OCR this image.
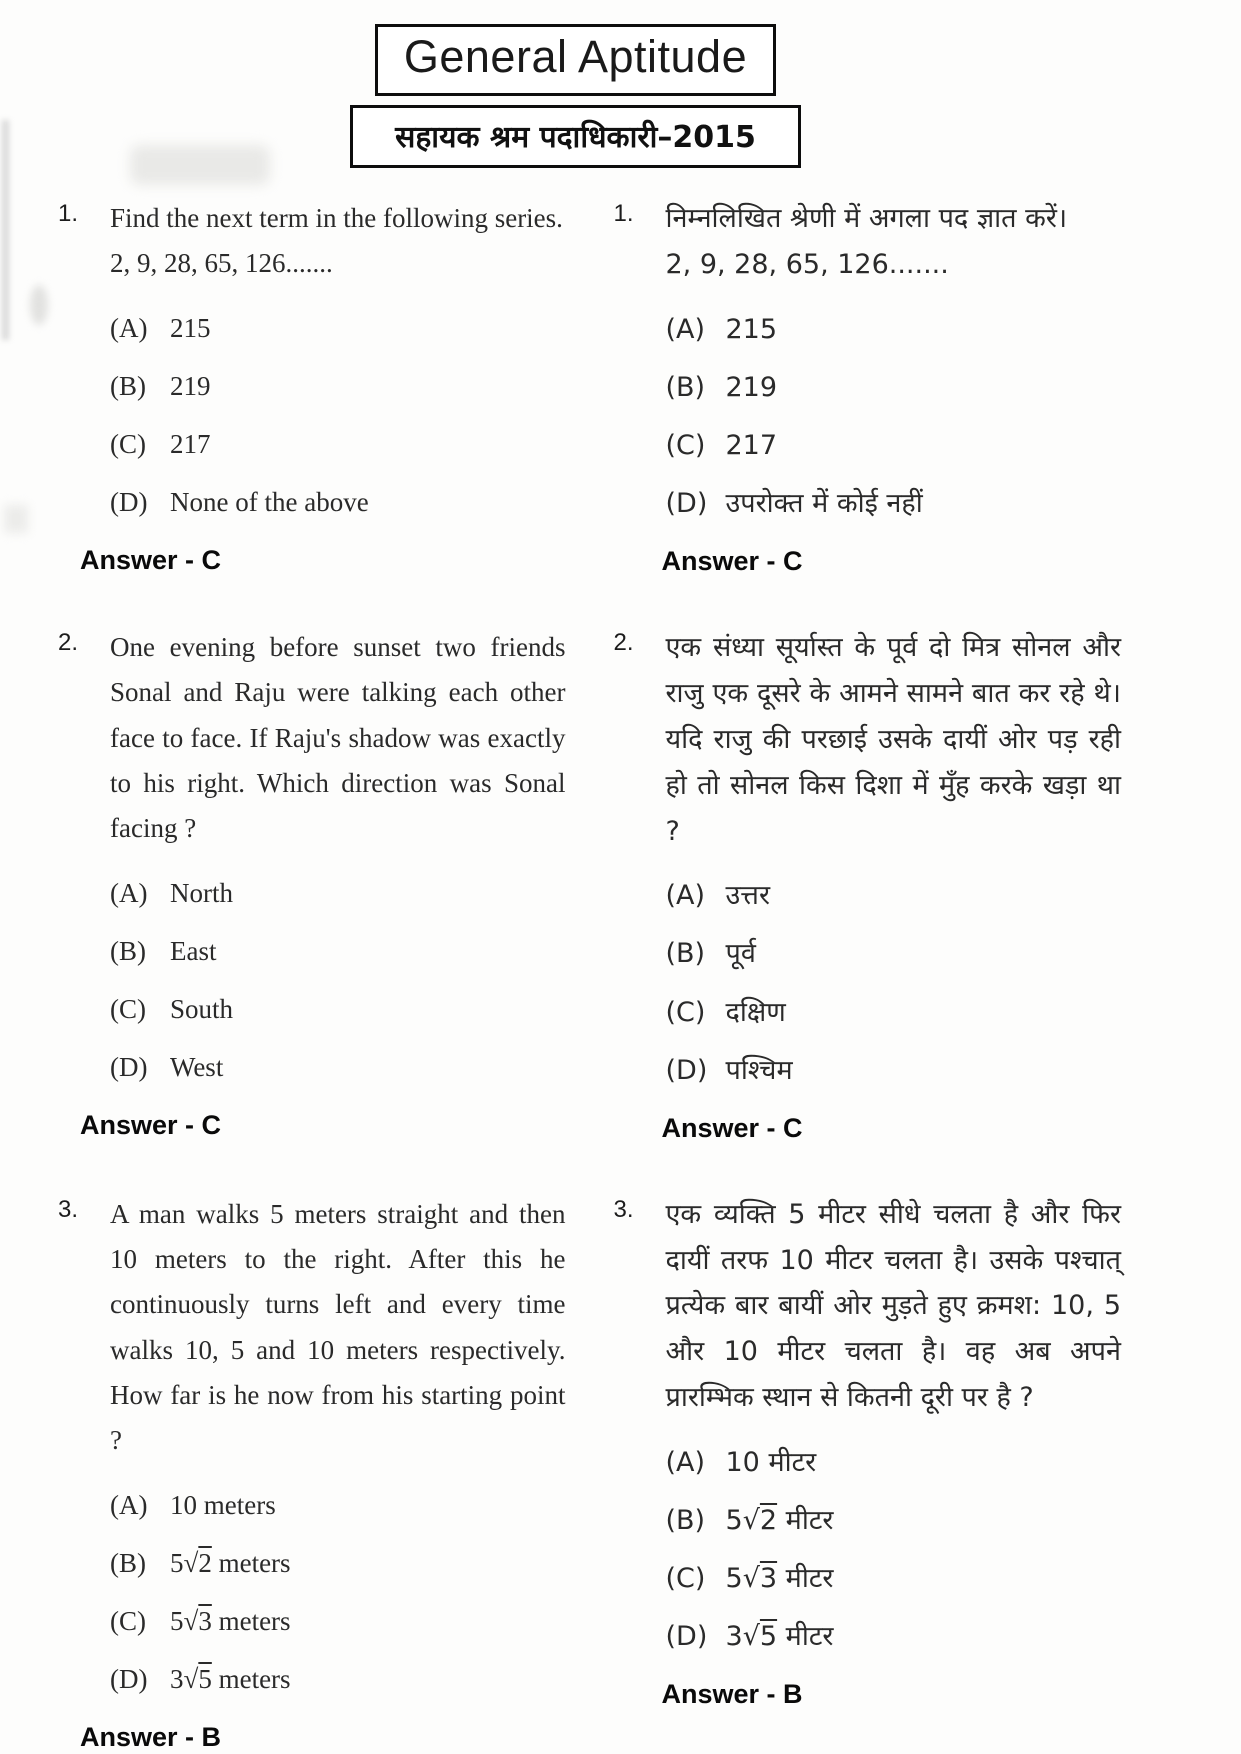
General Aptitude
सहायक श्रम पदाधिकारी–2015
1.	Find the next term in the following series.
2, 9, 28, 65, 126.......
(A) 215
(B) 219
(C) 217
(D) None of the above
Answer - C
1.	निम्नलिखित श्रेणी में अगला पद ज्ञात करें।
2, 9, 28, 65, 126.......
(A) 215
(B) 219
(C) 217
(D) उपरोक्त में कोई नहीं
Answer - C
2.	One evening before sunset two friends Sonal and Raju were talking each other face to face. If Raju's shadow was exactly to his right. Which direction was Sonal facing ?
(A) North
(B) East
(C) South
(D) West
Answer - C
2.	एक संध्या सूर्यास्त के पूर्व दो मित्र सोनल और राजु एक दूसरे के आमने सामने बात कर रहे थे। यदि राजु की परछाई उसके दायीं ओर पड़ रही हो तो सोनल किस दिशा में मुँह करके खड़ा था ?
(A) उत्तर
(B) पूर्व
(C) दक्षिण
(D) पश्चिम
Answer - C
3.	A man walks 5 meters straight and then 10 meters to the right. After this he continuously turns left and every time walks 10, 5 and 10 meters respectively. How far is he now from his starting point ?
(A) 10 meters
(B) 5√2 meters
(C) 5√3 meters
(D) 3√5 meters
Answer - B
3.	एक व्यक्ति 5 मीटर सीधे चलता है और फिर दायीं तरफ 10 मीटर चलता है। उसके पश्चात् प्रत्येक बार बायीं ओर मुड़ते हुए क्रमश: 10, 5 और 10 मीटर चलता है। वह अब अपने प्रारम्भिक स्थान से कितनी दूरी पर है ?
(A) 10 मीटर
(B) 5√2 मीटर
(C) 5√3 मीटर
(D) 3√5 मीटर
Answer - B
